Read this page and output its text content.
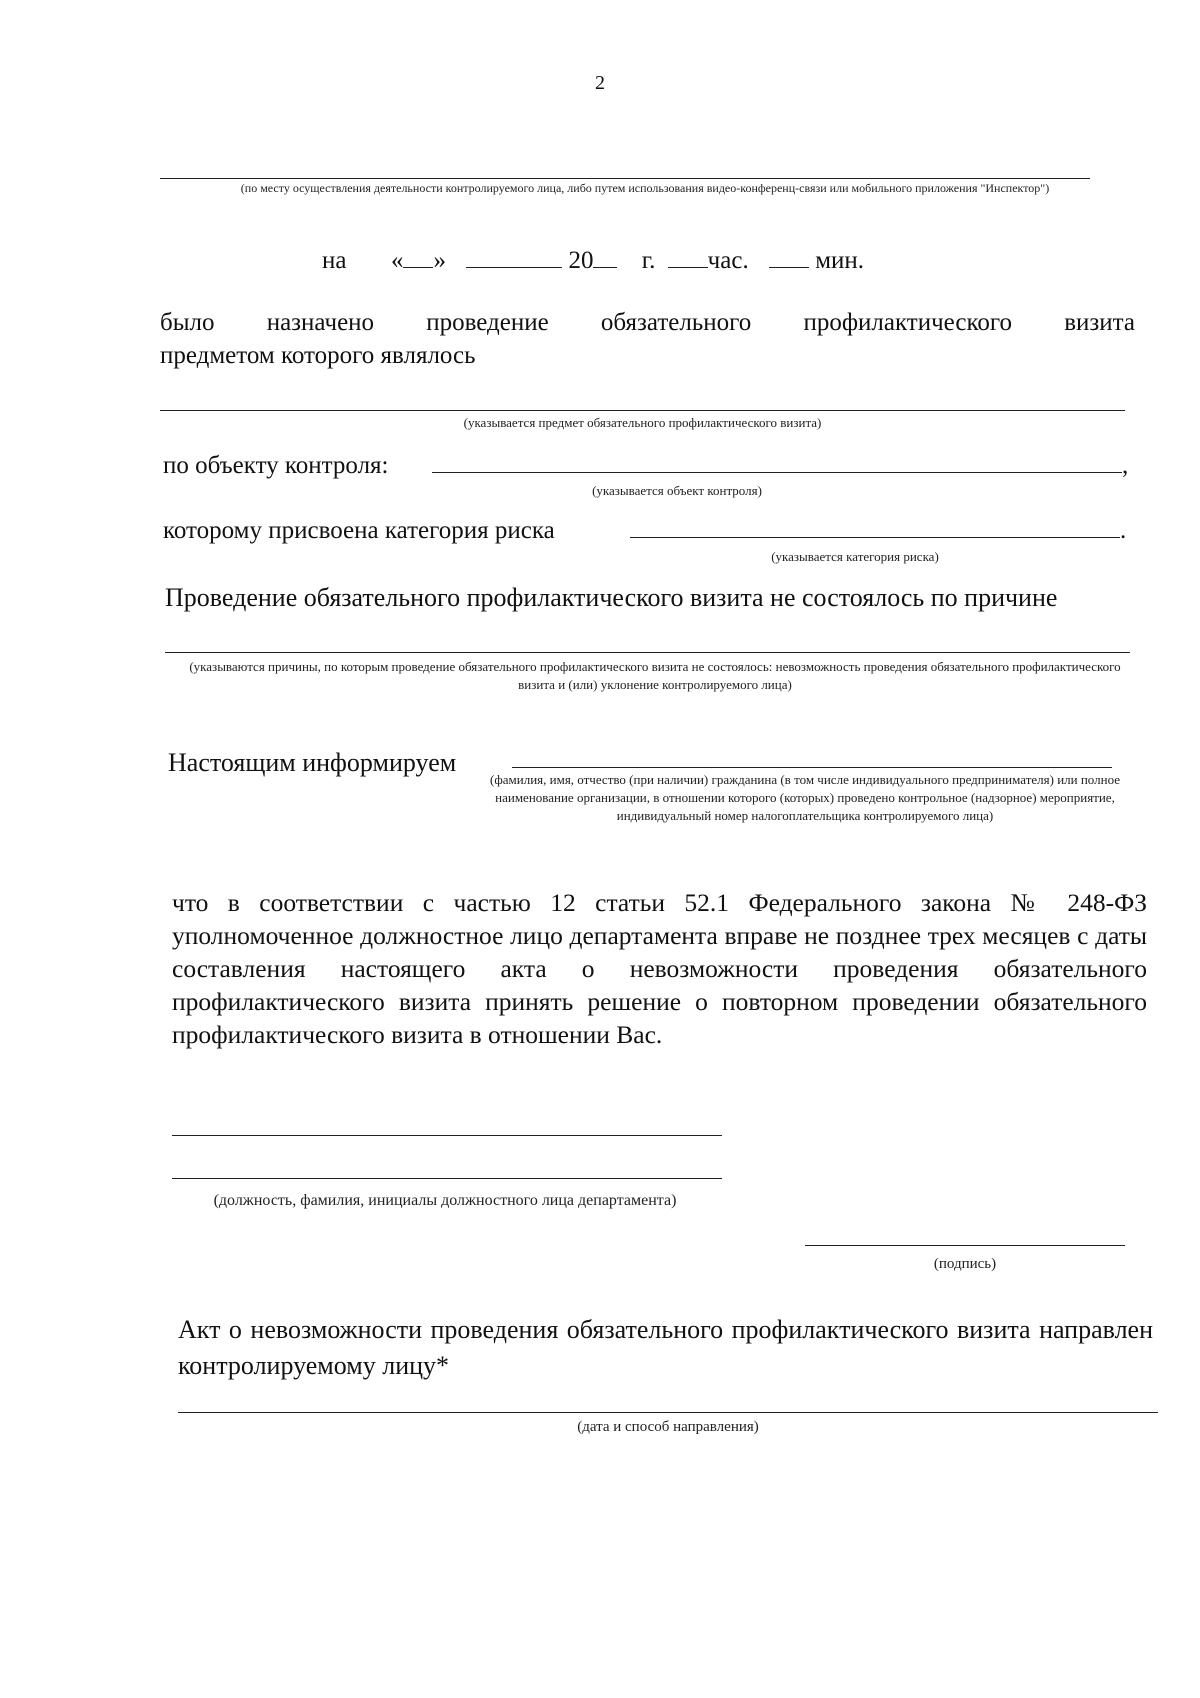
2
(по месту осуществления деятельности контролируемого лица, либо путем использования видео-конференц-связи или мобильного приложения "Инспектор")
на « »	20 г. час.	мин.
было назначено проведение обязательного профилактического визита
предметом которого являлось
(указывается предмет обязательного профилактического визита)
по объекту контроля:	,
(указывается объект контроля)
которому присвоена категория риска	.
(указывается категория риска)
Проведение обязательного профилактического визита не состоялось по причине
(указываются причины, по которым проведение обязательного профилактического визита не состоялось: невозможность проведения обязательного профилактического визита и (или) уклонение контролируемого лица)
Настоящим информируем
(фамилия, имя, отчество (при наличии) гражданина (в том числе индивидуального предпринимателя) или полное наименование организации, в отношении которого (которых) проведено контрольное (надзорное) мероприятие, индивидуальный номер налогоплательщика контролируемого лица)
что в соответствии с частью 12 статьи 52.1 Федерального закона № 248-ФЗ уполномоченное должностное лицо департамента вправе не позднее трех месяцев с даты составления настоящего акта о невозможности проведения обязательного профилактического визита принять решение о повторном проведении обязательного профилактического визита в отношении Вас.
(должность, фамилия, инициалы должностного лица департамента)
(подпись)
Акт о невозможности проведения обязательного профилактического визита направлен контролируемому лицу*
(дата и способ направления)
